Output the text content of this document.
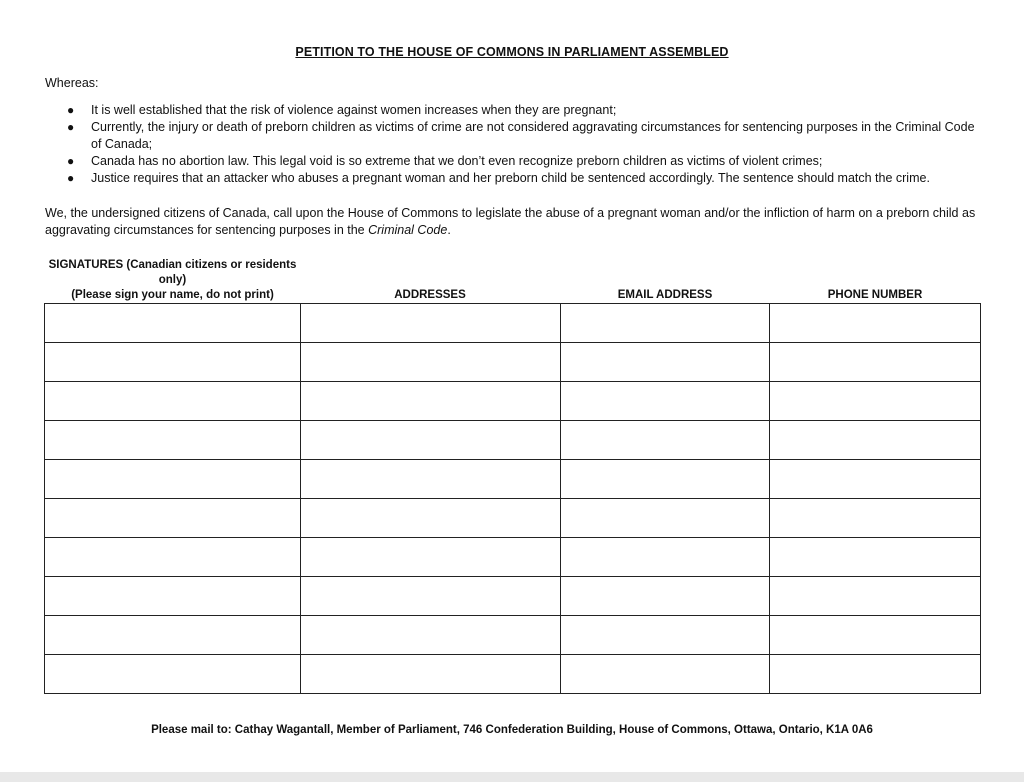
PETITION TO THE HOUSE OF COMMONS IN PARLIAMENT ASSEMBLED
Whereas:
● It is well established that the risk of violence against women increases when they are pregnant;
● Currently, the injury or death of preborn children as victims of crime are not considered aggravating circumstances for sentencing purposes in the Criminal Code of Canada;
● Canada has no abortion law. This legal void is so extreme that we don’t even recognize preborn children as victims of violent crimes;
● Justice requires that an attacker who abuses a pregnant woman and her preborn child be sentenced accordingly. The sentence should match the crime.
We, the undersigned citizens of Canada, call upon the House of Commons to legislate the abuse of a pregnant woman and/or the infliction of harm on a preborn child as aggravating circumstances for sentencing purposes in the Criminal Code.
SIGNATURES (Canadian citizens or residents
only)
(Please sign your name, do not print)	ADDRESSES	EMAIL ADDRESS	PHONE NUMBER

Please mail to: Cathay Wagantall, Member of Parliament, 746 Confederation Building, House of Commons, Ottawa, Ontario, K1A 0A6
